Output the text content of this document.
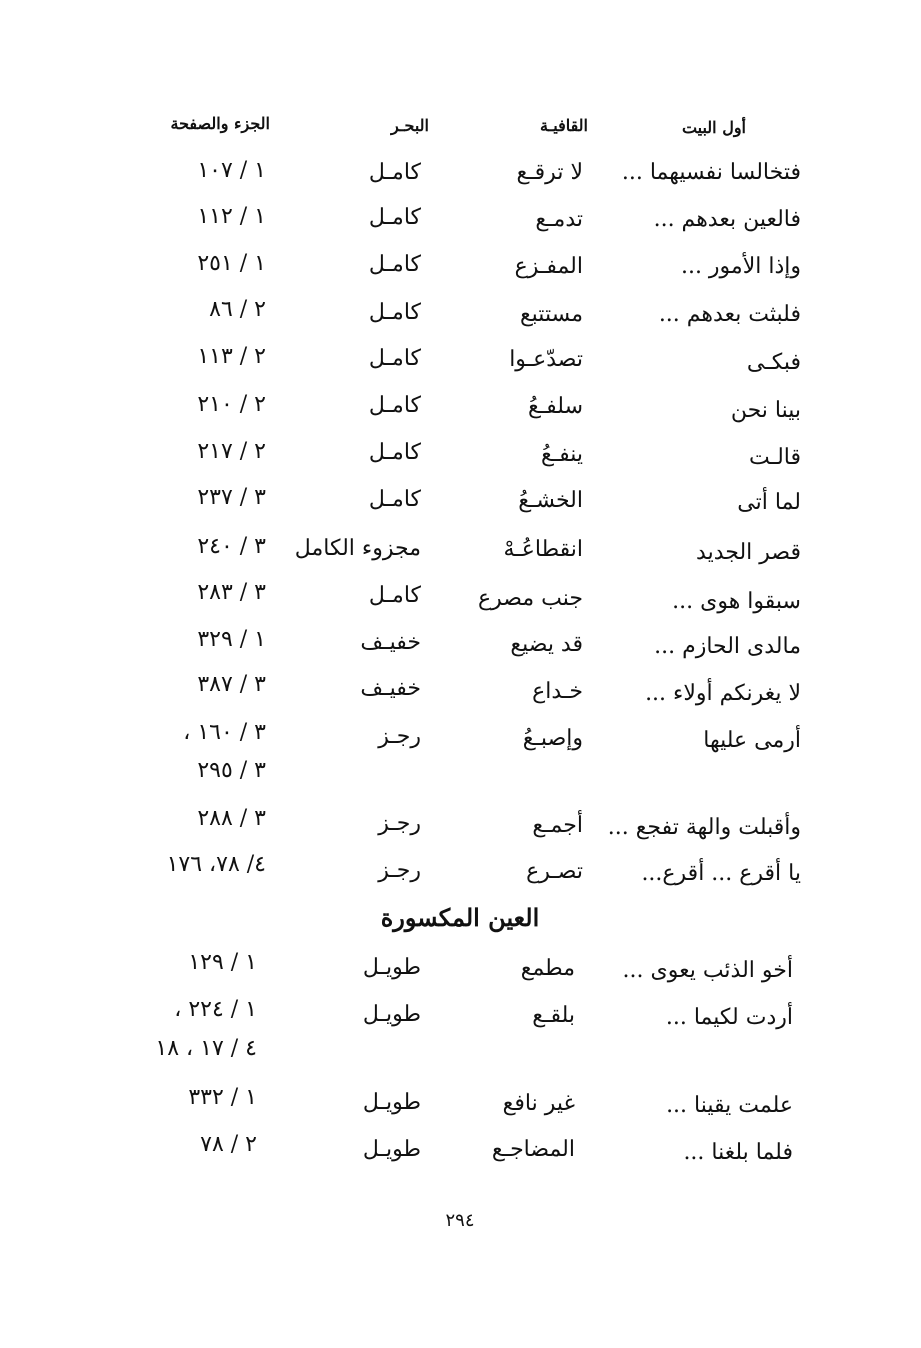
أول البيت
القافيـة
البحـر
الجزء والصفحة
فتخالسا نفسيهما ...
لا ترقـع
كامـل
١ / ١٠٧
فالعين بعدهم ...
تدمـع
كامـل
١ / ١١٢
وإذا الأمور ...
المفـزع
كامـل
١ / ٢٥١
فلبثت بعدهم ...
مستتبع
كامـل
٢ / ٨٦
فبكـى
تصدّعـوا
كامـل
٢ / ١١٣
بينا نحن
سلفـعُ
كامـل
٢ / ٢١٠
قالـت
ينفـعُ
كامـل
٢ / ٢١٧
لما أتى
الخشـعُ
كامـل
٣ / ٢٣٧
قصر الجديد
انقطاعُـهْ
مجزوء الكامل
٣ / ٢٤٠
سبقوا هوى ...
جنب مصرع
كامـل
٣ / ٢٨٣
مالدى الحازم ...
قد يضيع
خفيـف
١ / ٣٢٩
لا يغرنكم أولاء ...
خـداع
خفيـف
٣ / ٣٨٧
أرمى عليها
وإصبـعُ
رجـز
٣ / ١٦٠ ،
٣ / ٢٩٥
وأقبلت والهة تفجع ...
أجمـع
رجـز
٣ / ٢٨٨
يا أقرع ... أقرع...
تصـرع
رجـز
٤/ ٧٨، ١٧٦
العين المكسورة
أخو الذئب يعوى ...
مطمع
طويـل
١ / ١٢٩
أردت لكيما ...
بلقـع
طويـل
١ / ٢٢٤ ،
٤ / ١٧ ، ١٨
علمت يقينا ...
غير نافع
طويـل
١ / ٣٣٢
فلما بلغنا ...
المضاجـع
طويـل
٢ / ٧٨
٢٩٤
